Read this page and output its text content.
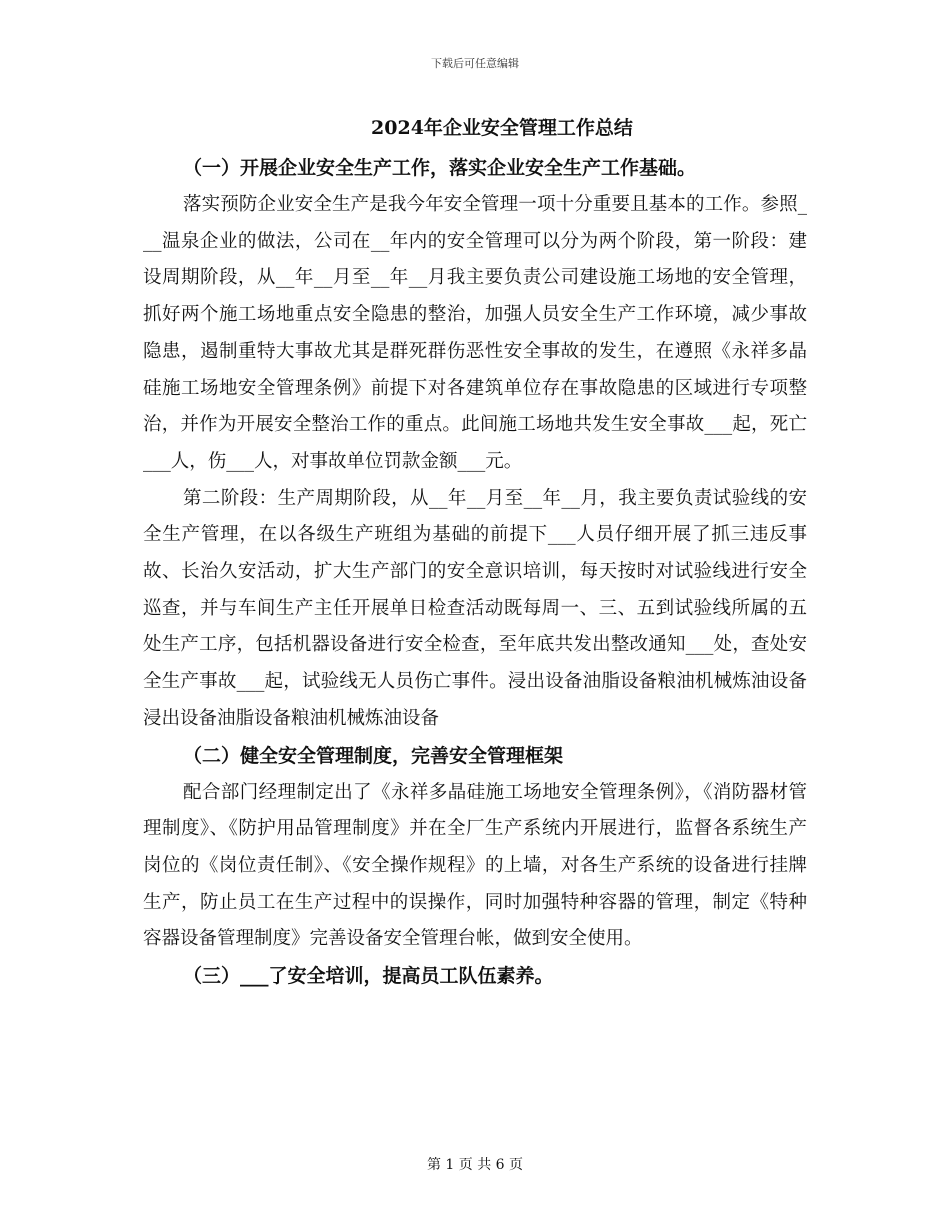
下载后可任意编辑
2024年企业安全管理工作总结
（一）开展企业安全生产工作，落实企业安全生产工作基础。

落实预防企业安全生产是我今年安全管理一项十分重要且基本的工作。参照___温泉企业的做法，公司在__年内的安全管理可以分为两个阶段，第一阶段：建设周期阶段，从__年__月至__年__月我主要负责公司建设施工场地的安全管理，抓好两个施工场地重点安全隐患的整治，加强人员安全生产工作环境，减少事故隐患，遏制重特大事故尤其是群死群伤恶性安全事故的发生，在遵照《永祥多晶硅施工场地安全管理条例》前提下对各建筑单位存在事故隐患的区域进行专项整治，并作为开展安全整治工作的重点。此间施工场地共发生安全事故___起，死亡___人，伤___人，对事故单位罚款金额___元。

第二阶段：生产周期阶段，从__年__月至__年__月，我主要负责试验线的安全生产管理，在以各级生产班组为基础的前提下___人员仔细开展了抓三违反事故、长治久安活动，扩大生产部门的安全意识培训，每天按时对试验线进行安全巡查，并与车间生产主任开展单日检查活动既每周一、三、五到试验线所属的五处生产工序，包括机器设备进行安全检查，至年底共发出整改通知___处，查处安全生产事故___起，试验线无人员伤亡事件。浸出设备油脂设备粮油机械炼油设备浸出设备油脂设备粮油机械炼油设备

（二）健全安全管理制度，完善安全管理框架

配合部门经理制定出了《永祥多晶硅施工场地安全管理条例》，《消防器材管理制度》、《防护用品管理制度》并在全厂生产系统内开展进行，监督各系统生产岗位的《岗位责任制》、《安全操作规程》的上墙，对各生产系统的设备进行挂牌生产，防止员工在生产过程中的误操作，同时加强特种容器的管理，制定《特种容器设备管理制度》完善设备安全管理台帐，做到安全使用。

（三）___了安全培训，提高员工队伍素养。
第 1 页 共 6 页
